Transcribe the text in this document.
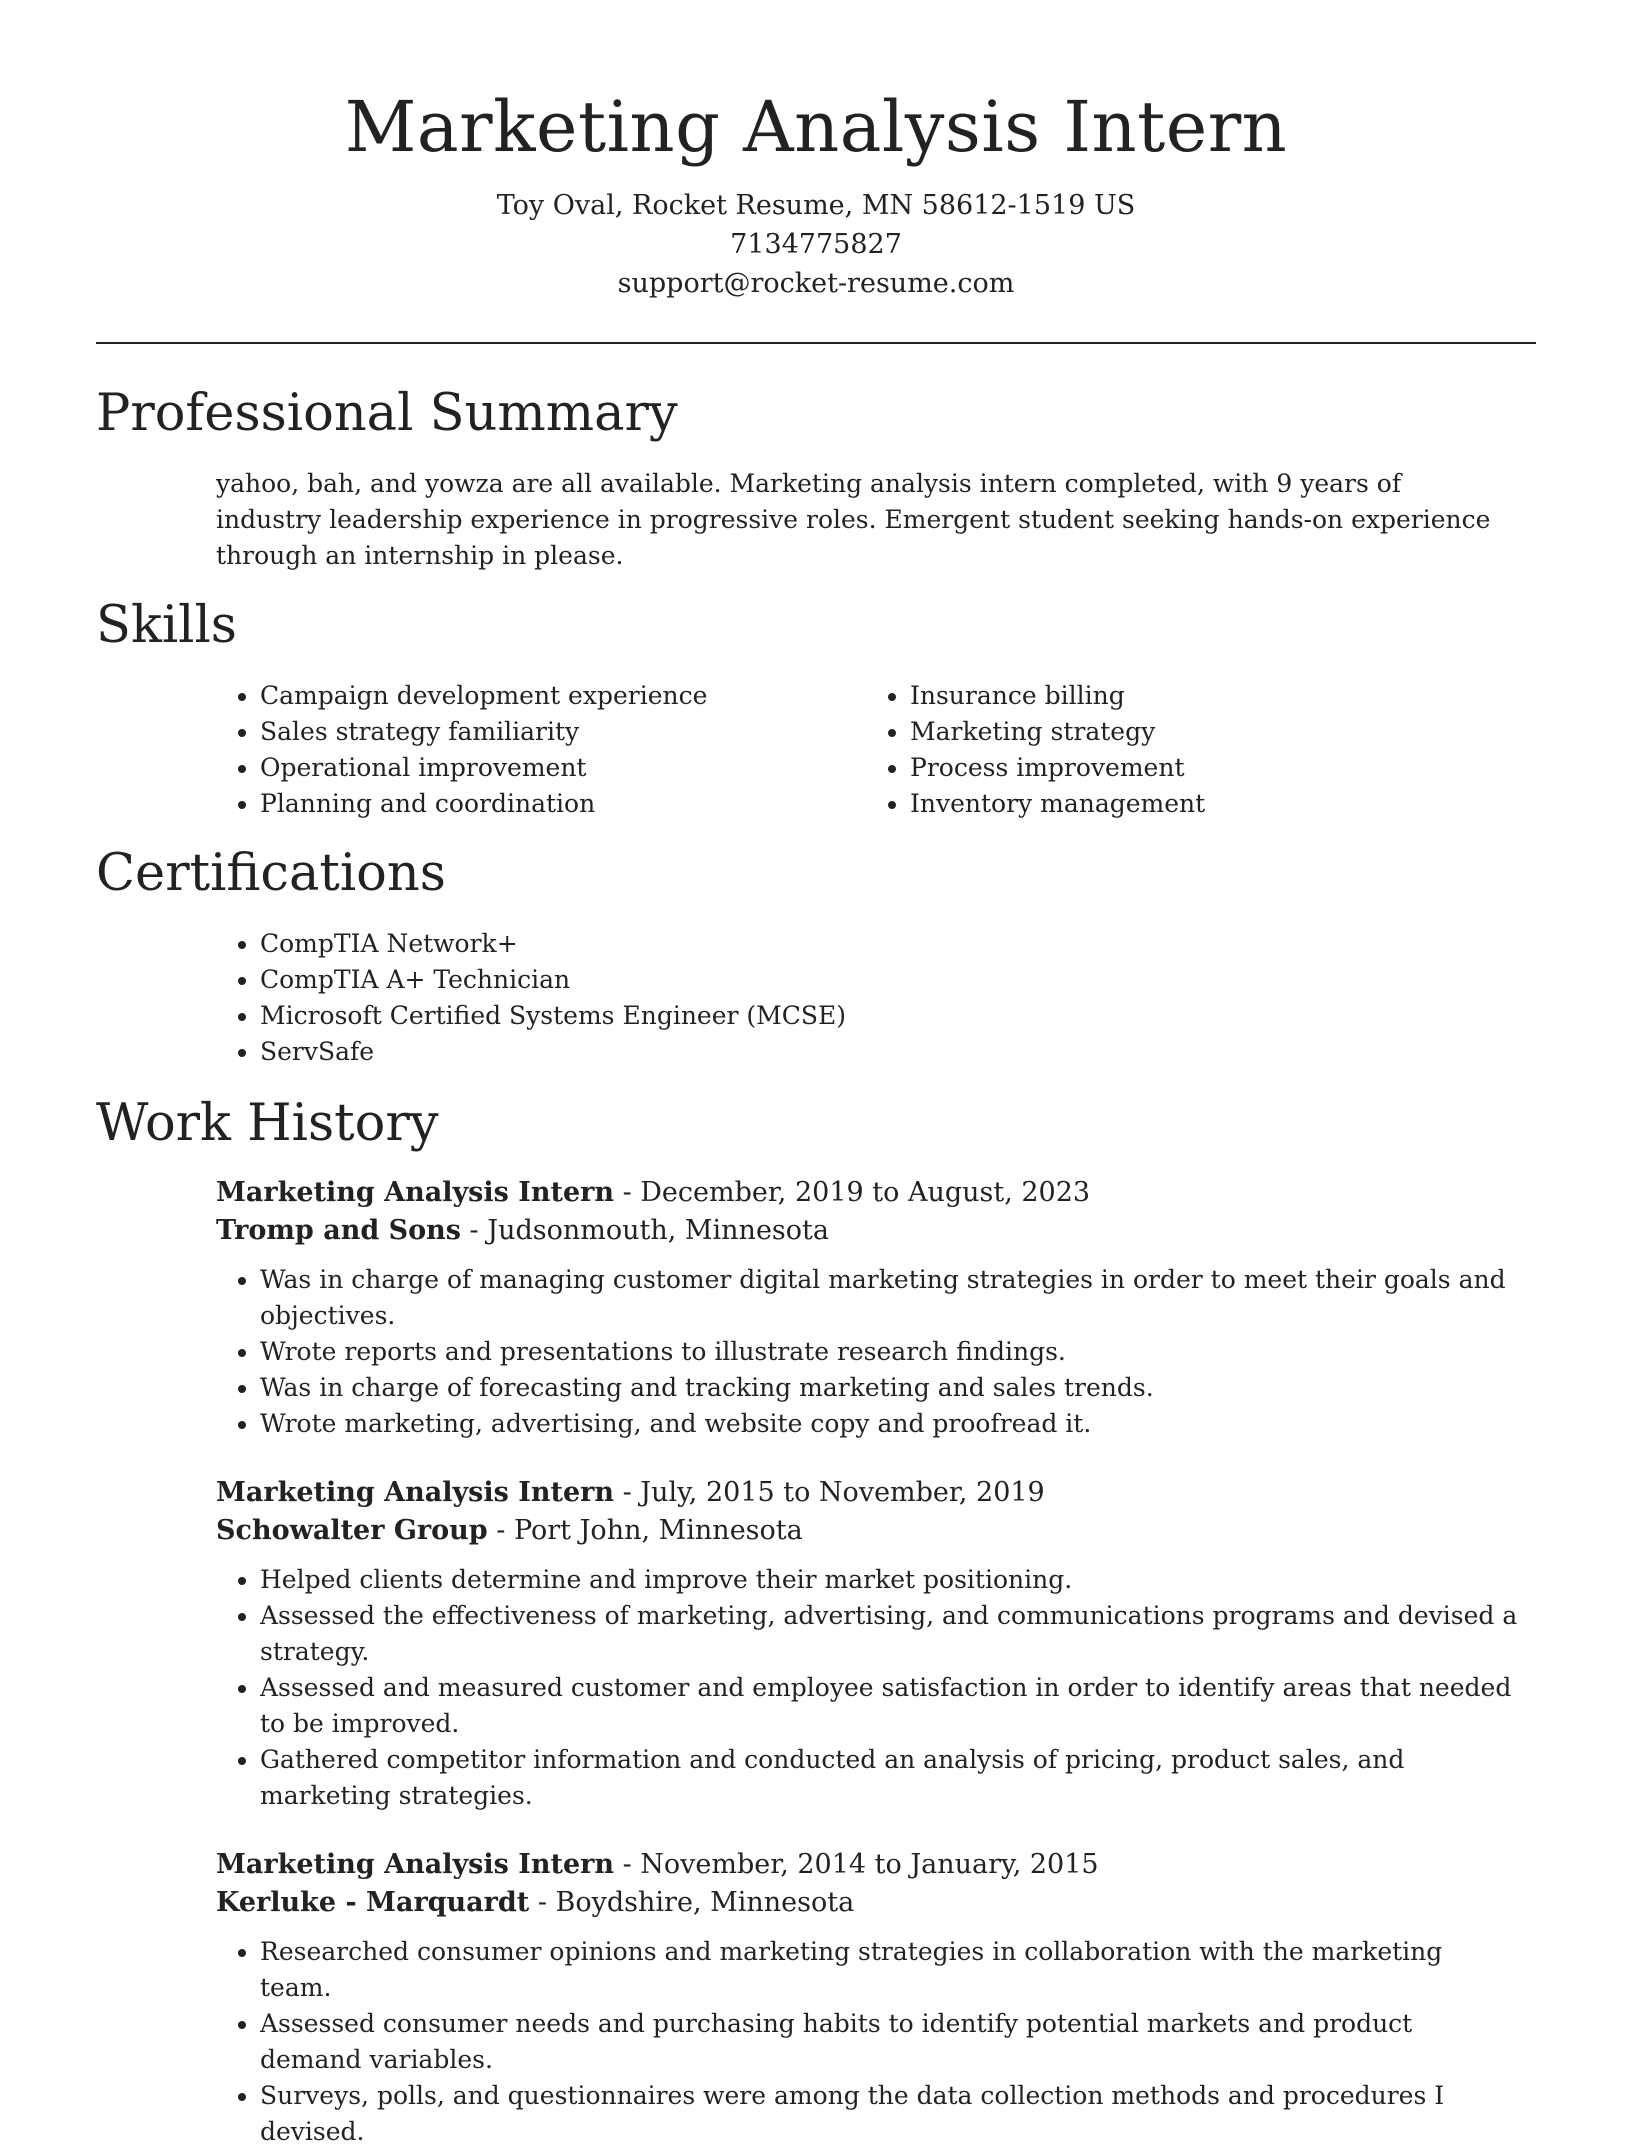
Marketing Analysis Intern
Toy Oval, Rocket Resume, MN 58612-1519 US
7134775827
support@rocket-resume.com
Professional Summary
yahoo, bah, and yowza are all available. Marketing analysis intern completed, with 9 years of industry leadership experience in progressive roles. Emergent student seeking hands-on experience through an internship in please.
Skills
• Campaign development experience
• Sales strategy familiarity
• Operational improvement
• Planning and coordination
• Insurance billing
• Marketing strategy
• Process improvement
• Inventory management
Certifications
• CompTIA Network+
• CompTIA A+ Technician
• Microsoft Certified Systems Engineer (MCSE)
• ServSafe
Work History
Marketing Analysis Intern - December, 2019 to August, 2023
Tromp and Sons - Judsonmouth, Minnesota
• Was in charge of managing customer digital marketing strategies in order to meet their goals and objectives.
• Wrote reports and presentations to illustrate research findings.
• Was in charge of forecasting and tracking marketing and sales trends.
• Wrote marketing, advertising, and website copy and proofread it.
Marketing Analysis Intern - July, 2015 to November, 2019
Schowalter Group - Port John, Minnesota
• Helped clients determine and improve their market positioning.
• Assessed the effectiveness of marketing, advertising, and communications programs and devised a strategy.
• Assessed and measured customer and employee satisfaction in order to identify areas that needed to be improved.
• Gathered competitor information and conducted an analysis of pricing, product sales, and marketing strategies.
Marketing Analysis Intern - November, 2014 to January, 2015
Kerluke - Marquardt - Boydshire, Minnesota
• Researched consumer opinions and marketing strategies in collaboration with the marketing team.
• Assessed consumer needs and purchasing habits to identify potential markets and product demand variables.
• Surveys, polls, and questionnaires were among the data collection methods and procedures I devised.
